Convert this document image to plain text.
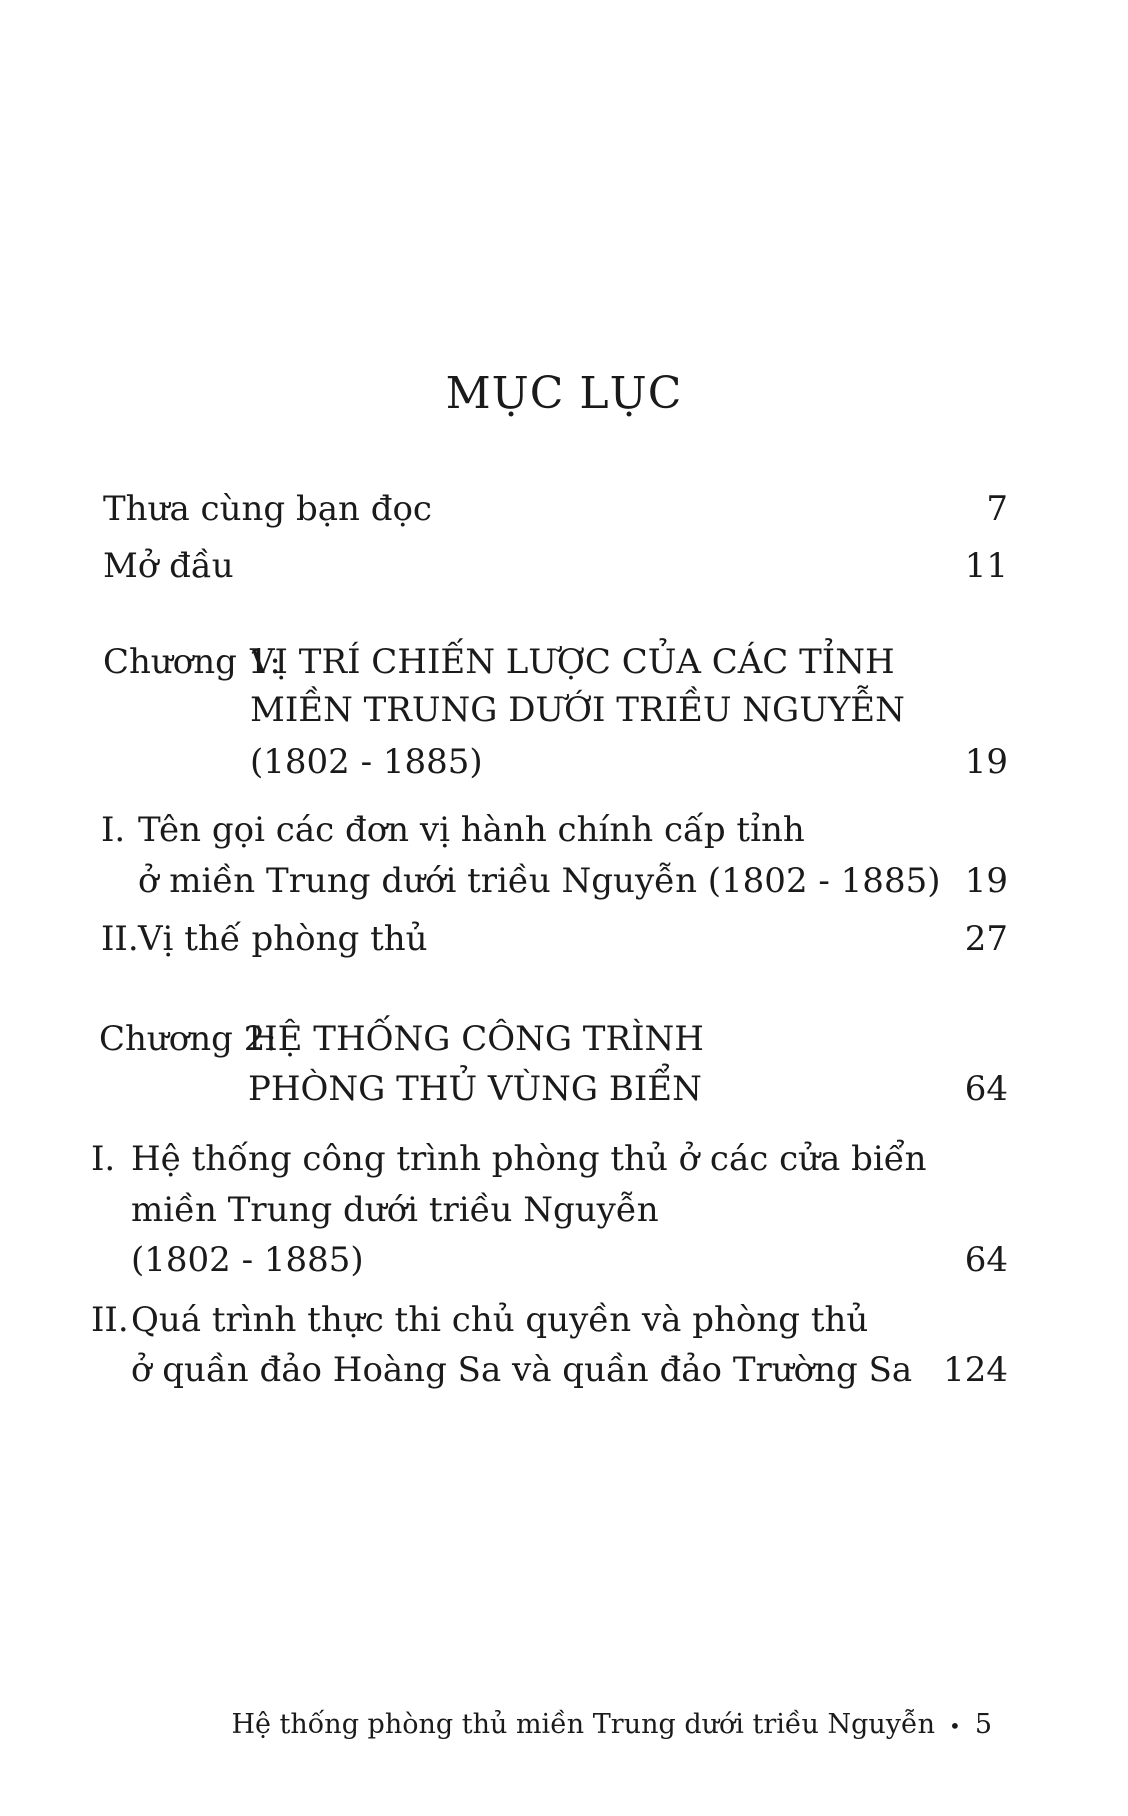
MỤC LỤC
Thưa cùng bạn đọc	7
Mở đầu	11
Chương 1:
VỊ TRÍ CHIẾN LƯỢC CỦA CÁC TỈNH
MIỀN TRUNG DƯỚI TRIỀU NGUYỄN
(1802 - 1885)	19
I. Tên gọi các đơn vị hành chính cấp tỉnh
ở miền Trung dưới triều Nguyễn (1802 - 1885) 19
II. Vị thế phòng thủ	27
Chương 2:
HỆ THỐNG CÔNG TRÌNH
PHÒNG THỦ VÙNG BIỂN	64
I. Hệ thống công trình phòng thủ ở các cửa biển
miền Trung dưới triều Nguyễn
(1802 - 1885)	64
II. Quá trình thực thi chủ quyền và phòng thủ
ở quần đảo Hoàng Sa và quần đảo Trường Sa 124
Hệ thống phòng thủ miền Trung dưới triều Nguyễn • 5
